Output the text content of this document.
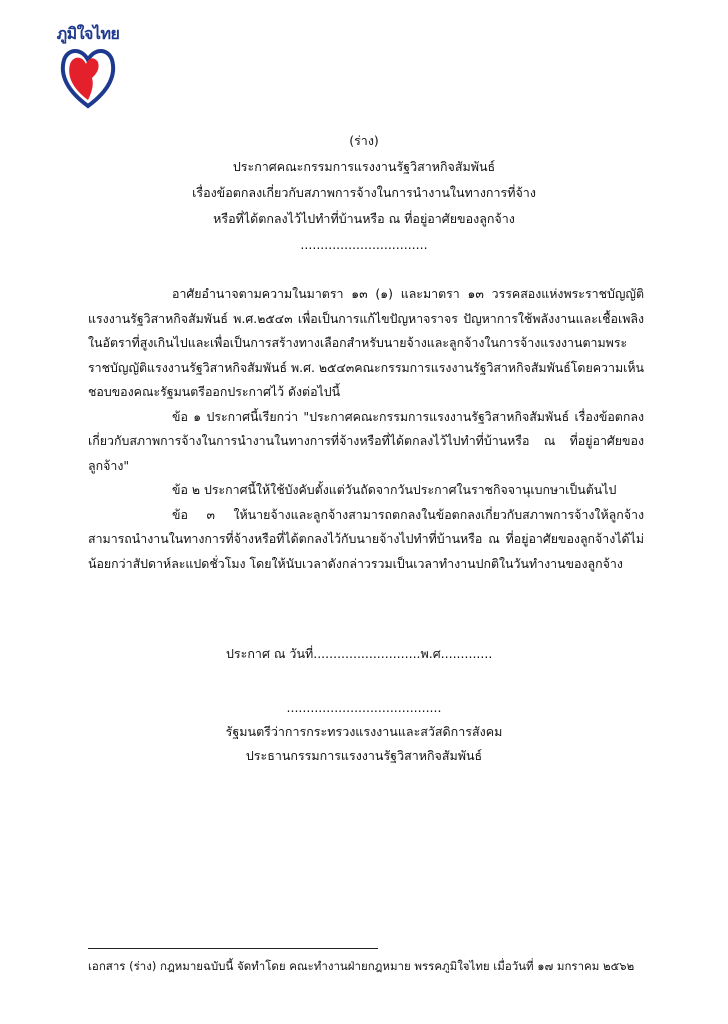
ภูมิใจไทย
(ร่าง)
ประกาศคณะกรรมการแรงงานรัฐวิสาหกิจสัมพันธ์
เรื่องข้อตกลงเกี่ยวกับสภาพการจ้างในการนำงานในทางการที่จ้าง
หรือที่ได้ตกลงไว้ไปทำที่บ้านหรือ ณ ที่อยู่อาศัยของลูกจ้าง
................................

อาศัยอำนาจตามความในมาตรา ๑๓ (๑) และมาตรา ๑๓ วรรคสองแห่งพระราชบัญญัติแรงงานรัฐวิสาหกิจสัมพันธ์ พ.ศ.๒๕๔๓ เพื่อเป็นการแก้ไขปัญหาจราจร ปัญหาการใช้พลังงานและเชื้อเพลิงในอัตราที่สูงเกินไปและเพื่อเป็นการสร้างทางเลือกสำหรับนายจ้างและลูกจ้างในการจ้างแรงงานตามพระราชบัญญัติแรงงานรัฐวิสาหกิจสัมพันธ์ พ.ศ. ๒๕๔๓คณะกรรมการแรงงานรัฐวิสาหกิจสัมพันธ์โดยความเห็นชอบของคณะรัฐมนตรีออกประกาศไว้ ดังต่อไปนี้

ข้อ ๑ ประกาศนี้เรียกว่า "ประกาศคณะกรรมการแรงงานรัฐวิสาหกิจสัมพันธ์ เรื่องข้อตกลงเกี่ยวกับสภาพการจ้างในการนำงานในทางการที่จ้างหรือที่ได้ตกลงไว้ไปทำที่บ้านหรือ ณ ที่อยู่อาศัยของลูกจ้าง"

ข้อ ๒ ประกาศนี้ให้ใช้บังคับตั้งแต่วันถัดจากวันประกาศในราชกิจจานุเบกษาเป็นต้นไป

ข้อ ๓ ให้นายจ้างและลูกจ้างสามารถตกลงในข้อตกลงเกี่ยวกับสภาพการจ้างให้ลูกจ้างสามารถนำงานในทางการที่จ้างหรือที่ได้ตกลงไว้กับนายจ้างไปทำที่บ้านหรือ ณ ที่อยู่อาศัยของลูกจ้างได้ไม่น้อยกว่าสัปดาห์ละแปดชั่วโมง โดยให้นับเวลาดังกล่าวรวมเป็นเวลาทำงานปกติในวันทำงานของลูกจ้าง

ประกาศ ณ วันที่...........................พ.ศ.............
.......................................
รัฐมนตรีว่าการกระทรวงแรงงานและสวัสดิการสังคม
ประธานกรรมการแรงงานรัฐวิสาหกิจสัมพันธ์
เอกสาร (ร่าง) กฎหมายฉบับนี้ จัดทำโดย คณะทำงานฝ่ายกฎหมาย พรรคภูมิใจไทย เมื่อวันที่ ๑๗ มกราคม ๒๕๖๒
